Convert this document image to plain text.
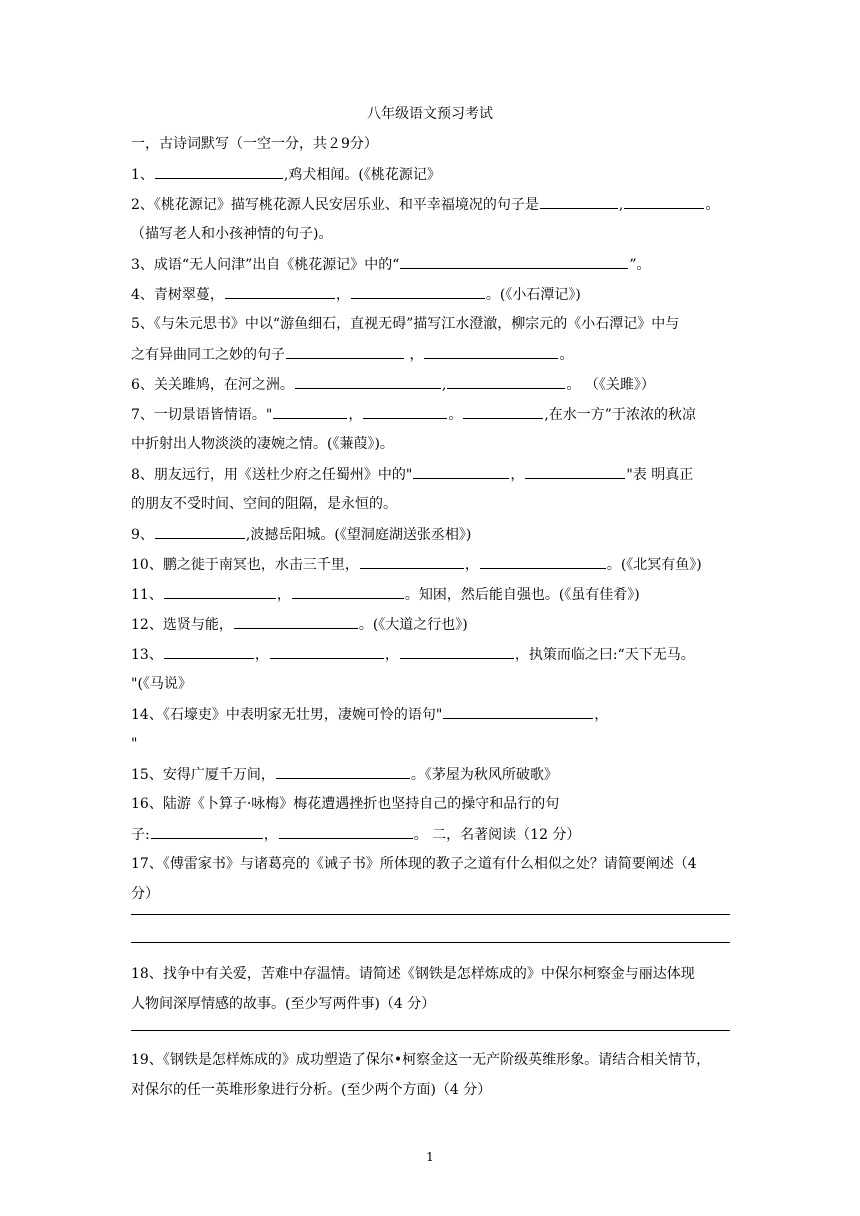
八年级语文预习考试
一，古诗词默写（一空一分，共２9分）
1、	,鸡犬相闻。(《桃花源记》
2、《桃花源记》描写桃花源人民安居乐业、和平幸福境况的句子是	,	。
（描写老人和小孩神情的句子)。
3、成语“无人问津”出自《桃花源记》中的“	”。
4、青树翠蔓，	，	。(《小石潭记》)
5、《与朱元思书》中以“游鱼细石，直视无碍”描写江水澄澈，柳宗元的《小石潭记》中与
之有异曲同工之妙的句子	，	。
6、关关雎鸠，在河之洲。	,	。 （《关雎》）
7、一切景语皆情语。"	，	。	,在水一方”于浓浓的秋凉
中折射出人物淡淡的凄婉之情。(《蒹葭》)。
8、朋友远行，用《送杜少府之任蜀州》中的"	，	"表 明真正
的朋友不受时间、空间的阻隔，是永恒的。
9、	,波撼岳阳城。(《望洞庭湖送张丞相》)
10、鹏之徙于南冥也，水击三千里，	，	。(《北冥有鱼》)
11、	，	。知困，然后能自强也。(《虽有佳肴》)
12、选贤与能，	。(《大道之行也》)
13、	，	，	，执策而临之曰:“天下无马。
"(《马说》
14、《石壕吏》中表明家无壮男，凄婉可怜的语句"	，
"
15、安得广厦千万间，	。《茅屋为秋风所破歌》
16、陆游《卜算子·咏梅》梅花遭遇挫折也坚持自己的操守和品行的句
子:	，	。 二，名著阅读（12 分）
17、《傅雷家书》与诸葛亮的《诫子书》所体现的教子之道有什么相似之处？请简要阐述（4
分）
18、找争中有关爱，苦难中存温情。请简述《钢铁是怎样炼成的》中保尔柯察金与丽达体现
人物间深厚情感的故事。(至少写两件事)（4 分）
19、《钢铁是怎样炼成的》成功塑造了保尔•柯察金这一无产阶级英维形象。请结合相关情节，
对保尔的任一英堆形象进行分析。(至少两个方面)（4 分）
1
